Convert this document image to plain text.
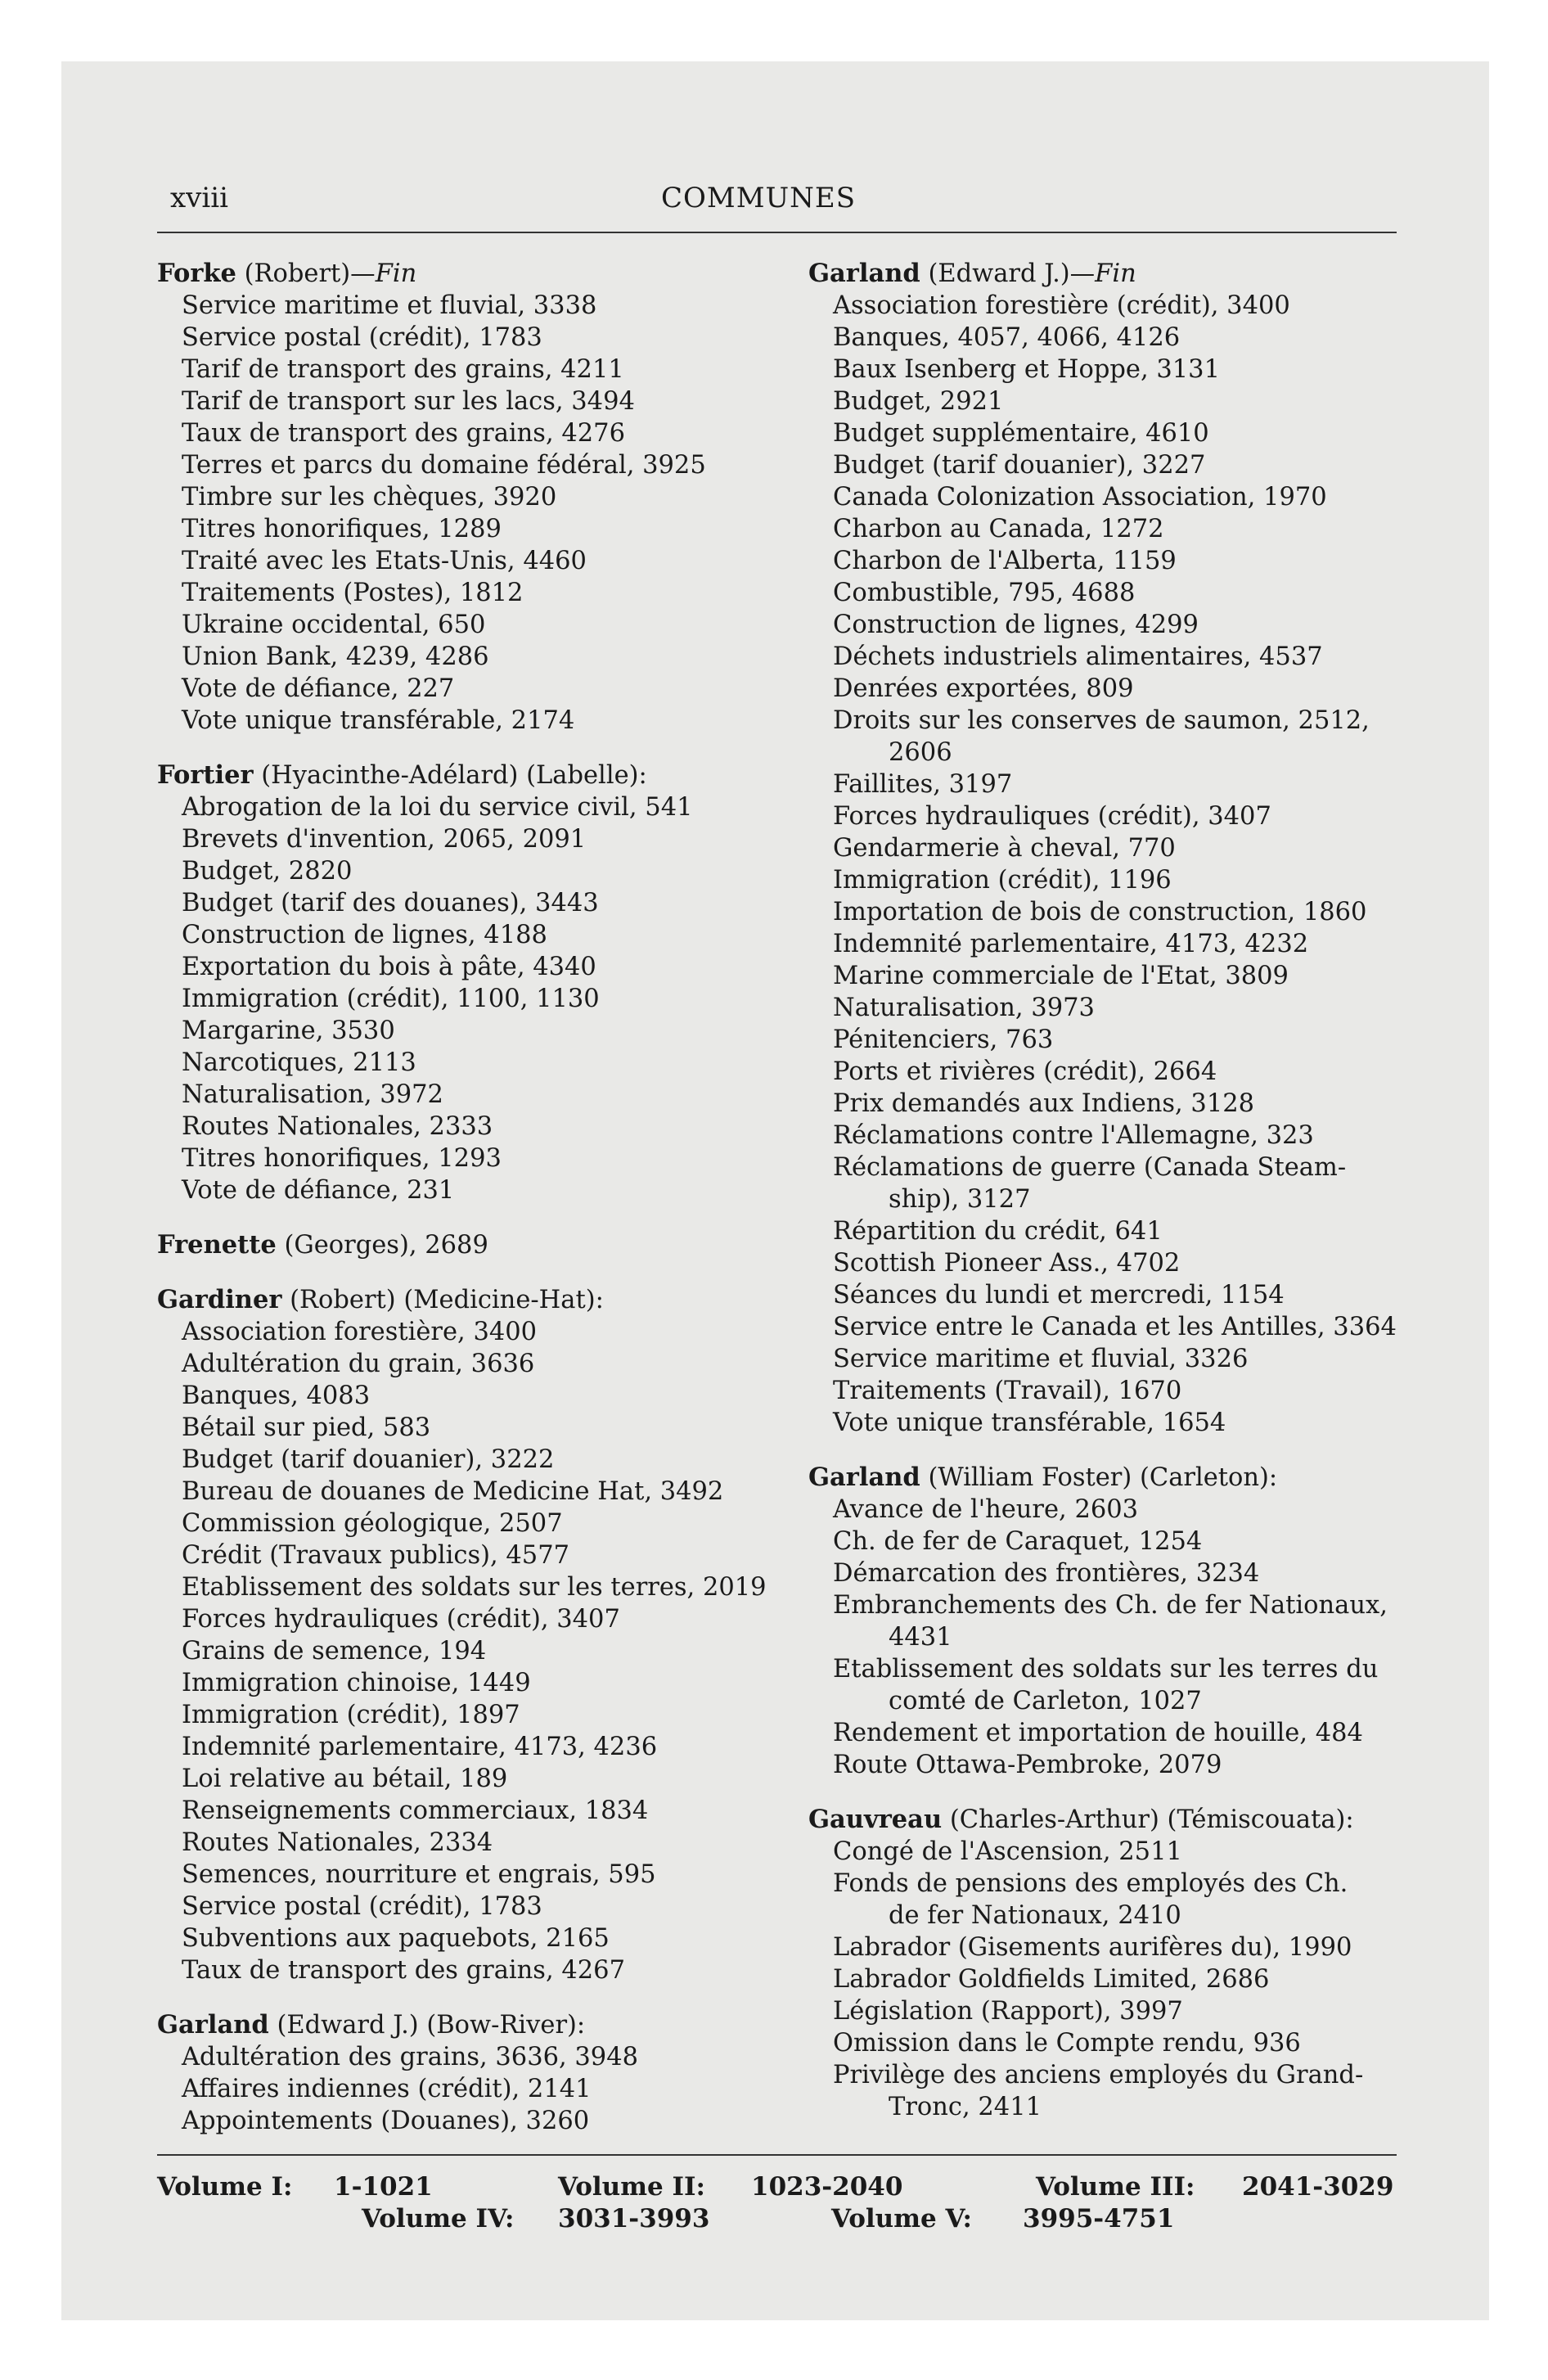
xviii	COMMUNES
Forke (Robert)—Fin
Service maritime et fluvial, 3338
Service postal (crédit), 1783
Tarif de transport des grains, 4211
Tarif de transport sur les lacs, 3494
Taux de transport des grains, 4276
Terres et parcs du domaine fédéral, 3925
Timbre sur les chèques, 3920
Titres honorifiques, 1289
Traité avec les Etats-Unis, 4460
Traitements (Postes), 1812
Ukraine occidental, 650
Union Bank, 4239, 4286
Vote de défiance, 227
Vote unique transférable, 2174
Fortier (Hyacinthe-Adélard) (Labelle):
Abrogation de la loi du service civil, 541
Brevets d'invention, 2065, 2091
Budget, 2820
Budget (tarif des douanes), 3443
Construction de lignes, 4188
Exportation du bois à pâte, 4340
Immigration (crédit), 1100, 1130
Margarine, 3530
Narcotiques, 2113
Naturalisation, 3972
Routes Nationales, 2333
Titres honorifiques, 1293
Vote de défiance, 231
Frenette (Georges), 2689
Gardiner (Robert) (Medicine-Hat):
Association forestière, 3400
Adultération du grain, 3636
Banques, 4083
Bétail sur pied, 583
Budget (tarif douanier), 3222
Bureau de douanes de Medicine Hat, 3492
Commission géologique, 2507
Crédit (Travaux publics), 4577
Etablissement des soldats sur les terres, 2019
Forces hydrauliques (crédit), 3407
Grains de semence, 194
Immigration chinoise, 1449
Immigration (crédit), 1897
Indemnité parlementaire, 4173, 4236
Loi relative au bétail, 189
Renseignements commerciaux, 1834
Routes Nationales, 2334
Semences, nourriture et engrais, 595
Service postal (crédit), 1783
Subventions aux paquebots, 2165
Taux de transport des grains, 4267
Garland (Edward J.) (Bow-River):
Adultération des grains, 3636, 3948
Affaires indiennes (crédit), 2141
Appointements (Douanes), 3260
Garland (Edward J.)—Fin
Association forestière (crédit), 3400
Banques, 4057, 4066, 4126
Baux Isenberg et Hoppe, 3131
Budget, 2921
Budget supplémentaire, 4610
Budget (tarif douanier), 3227
Canada Colonization Association, 1970
Charbon au Canada, 1272
Charbon de l'Alberta, 1159
Combustible, 795, 4688
Construction de lignes, 4299
Déchets industriels alimentaires, 4537
Denrées exportées, 809
Droits sur les conserves de saumon, 2512,
2606
Faillites, 3197
Forces hydrauliques (crédit), 3407
Gendarmerie à cheval, 770
Immigration (crédit), 1196
Importation de bois de construction, 1860
Indemnité parlementaire, 4173, 4232
Marine commerciale de l'Etat, 3809
Naturalisation, 3973
Pénitenciers, 763
Ports et rivières (crédit), 2664
Prix demandés aux Indiens, 3128
Réclamations contre l'Allemagne, 323
Réclamations de guerre (Canada Steam-
ship), 3127
Répartition du crédit, 641
Scottish Pioneer Ass., 4702
Séances du lundi et mercredi, 1154
Service entre le Canada et les Antilles, 3364
Service maritime et fluvial, 3326
Traitements (Travail), 1670
Vote unique transférable, 1654
Garland (William Foster) (Carleton):
Avance de l'heure, 2603
Ch. de fer de Caraquet, 1254
Démarcation des frontières, 3234
Embranchements des Ch. de fer Nationaux,
4431
Etablissement des soldats sur les terres du
comté de Carleton, 1027
Rendement et importation de houille, 484
Route Ottawa-Pembroke, 2079
Gauvreau (Charles-Arthur) (Témiscouata):
Congé de l'Ascension, 2511
Fonds de pensions des employés des Ch.
de fer Nationaux, 2410
Labrador (Gisements aurifères du), 1990
Labrador Goldfields Limited, 2686
Législation (Rapport), 3997
Omission dans le Compte rendu, 936
Privilège des anciens employés du Grand-
Tronc, 2411
Volume I: 1-1021	Volume II: 1023-2040	Volume III: 2041-3029
Volume IV: 3031-3993	Volume V: 3995-4751
